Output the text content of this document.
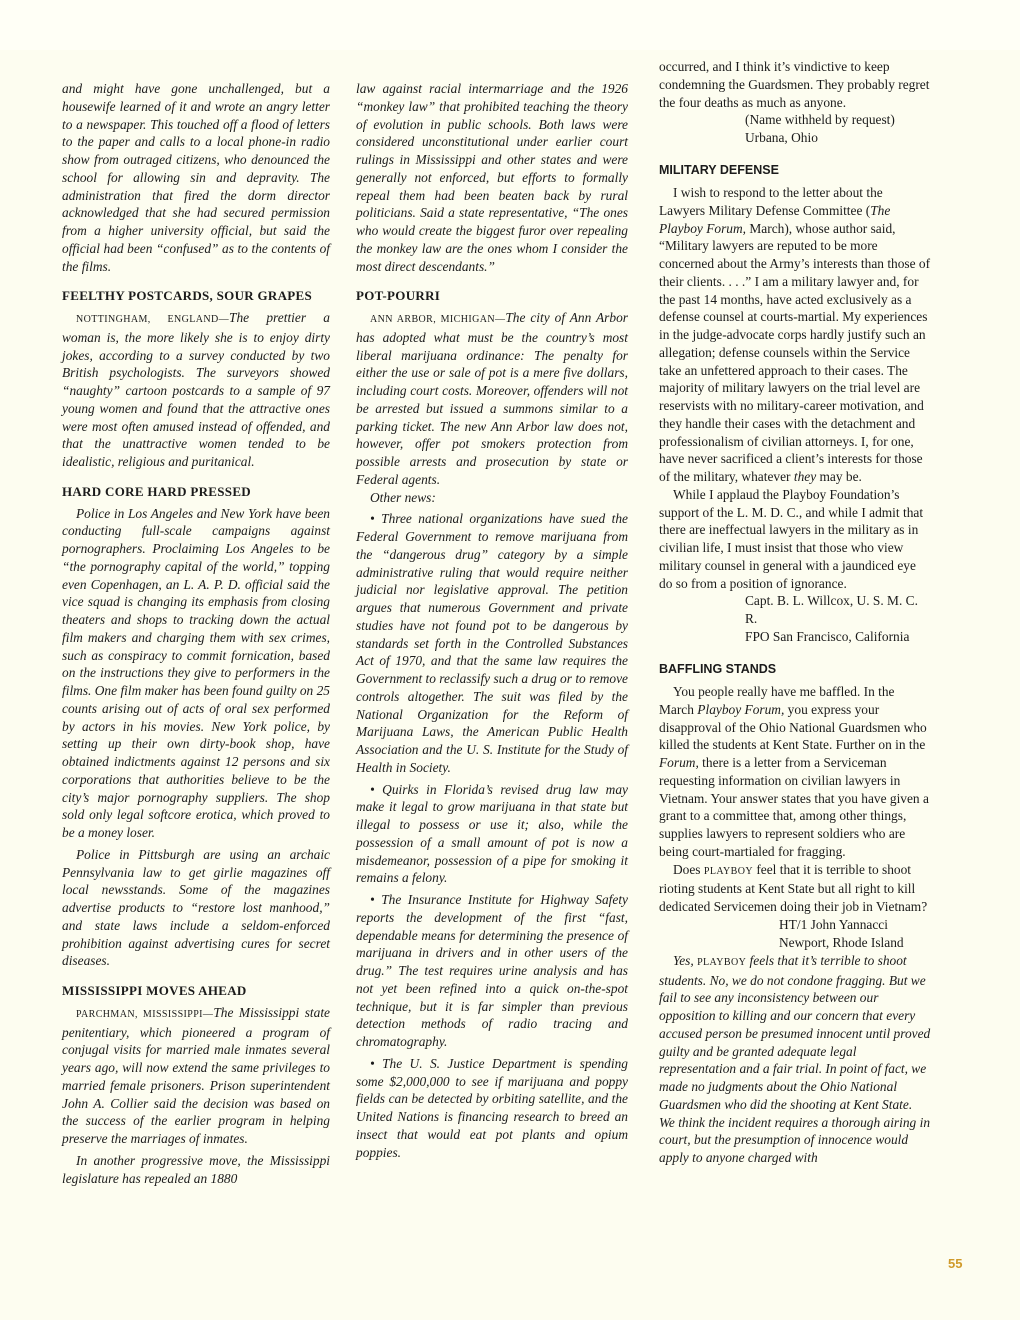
and might have gone unchallenged, but a housewife learned of it and wrote an angry letter to a newspaper. This touched off a flood of letters to the paper and calls to a local phone-in radio show from outraged citizens, who denounced the school for allowing sin and depravity. The administration that fired the dorm director acknowledged that she had secured permission from a higher university official, but said the official had been “confused” as to the contents of the films.

FEELTHY POSTCARDS, SOUR GRAPES

NOTTINGHAM, ENGLAND—The prettier a woman is, the more likely she is to enjoy dirty jokes, according to a survey conducted by two British psychologists. The surveyors showed “naughty” cartoon postcards to a sample of 97 young women and found that the attractive ones were most often amused instead of offended, and that the unattractive women tended to be idealistic, religious and puritanical.

HARD CORE HARD PRESSED

Police in Los Angeles and New York have been conducting full-scale campaigns against pornographers. Proclaiming Los Angeles to be “the pornography capital of the world,” topping even Copenhagen, an L. A. P. D. official said the vice squad is changing its emphasis from closing theaters and shops to tracking down the actual film makers and charging them with sex crimes, such as conspiracy to commit fornication, based on the instructions they give to performers in the films. One film maker has been found guilty on 25 counts arising out of acts of oral sex performed by actors in his movies. New York police, by setting up their own dirty-book shop, have obtained indictments against 12 persons and six corporations that authorities believe to be the city’s major pornography suppliers. The shop sold only legal softcore erotica, which proved to be a money loser.

Police in Pittsburgh are using an archaic Pennsylvania law to get girlie magazines off local newsstands. Some of the magazines advertise products to “restore lost manhood,” and state laws include a seldom-enforced prohibition against advertising cures for secret diseases.

MISSISSIPPI MOVES AHEAD

PARCHMAN, MISSISSIPPI—The Mississippi state penitentiary, which pioneered a program of conjugal visits for married male inmates several years ago, will now extend the same privileges to married female prisoners. Prison superintendent John A. Collier said the decision was based on the success of the earlier program in helping preserve the marriages of inmates.

In another progressive move, the Mississippi legislature has repealed an 1880

law against racial intermarriage and the 1926 “monkey law” that prohibited teaching the theory of evolution in public schools. Both laws were considered unconstitutional under earlier court rulings in Mississippi and other states and were generally not enforced, but efforts to formally repeal them had been beaten back by rural politicians. Said a state representative, “The ones who would create the biggest furor over repealing the monkey law are the ones whom I consider the most direct descendants.”

POT-POURRI

ANN ARBOR, MICHIGAN—The city of Ann Arbor has adopted what must be the country’s most liberal marijuana ordinance: The penalty for either the use or sale of pot is a mere five dollars, including court costs. Moreover, offenders will not be arrested but issued a summons similar to a parking ticket. The new Ann Arbor law does not, however, offer pot smokers protection from possible arrests and prosecution by state or Federal agents.

Other news:

• Three national organizations have sued the Federal Government to remove marijuana from the “dangerous drug” category by a simple administrative ruling that would require neither judicial nor legislative approval. The petition argues that numerous Government and private studies have not found pot to be dangerous by standards set forth in the Controlled Substances Act of 1970, and that the same law requires the Government to reclassify such a drug or to remove controls altogether. The suit was filed by the National Organization for the Reform of Marijuana Laws, the American Public Health Association and the U. S. Institute for the Study of Health in Society.

• Quirks in Florida’s revised drug law may make it legal to grow marijuana in that state but illegal to possess or use it; also, while the possession of a small amount of pot is now a misdemeanor, possession of a pipe for smoking it remains a felony.

• The Insurance Institute for Highway Safety reports the development of the first “fast, dependable means for determining the presence of marijuana in drivers and in other users of the drug.” The test requires urine analysis and has not yet been refined into a quick on-the-spot technique, but it is far simpler than previous detection methods of radio tracing and chromatography.

• The U. S. Justice Department is spending some $2,000,000 to see if marijuana and poppy fields can be detected by orbiting satellite, and the United Nations is financing research to breed an insect that would eat pot plants and opium poppies.

occurred, and I think it’s vindictive to keep condemning the Guardsmen. They probably regret the four deaths as much as anyone.

(Name withheld by request)
Urbana, Ohio
MILITARY DEFENSE

I wish to respond to the letter about the Lawyers Military Defense Committee (The Playboy Forum, March), whose author said, “Military lawyers are reputed to be more concerned about the Army’s interests than those of their clients. . . .” I am a military lawyer and, for the past 14 months, have acted exclusively as a defense counsel at courts-martial. My experiences in the judge-advocate corps hardly justify such an allegation; defense counsels within the Service take an unfettered approach to their cases. The majority of military lawyers on the trial level are reservists with no military-career motivation, and they handle their cases with the detachment and professionalism of civilian attorneys. I, for one, have never sacrificed a client’s interests for those of the military, whatever they may be.

While I applaud the Playboy Foundation’s support of the L. M. D. C., and while I admit that there are ineffectual lawyers in the military as in civilian life, I must insist that those who view military counsel in general with a jaundiced eye do so from a position of ignorance.

Capt. B. L. Willcox, U. S. M. C. R.
FPO San Francisco, California
BAFFLING STANDS

You people really have me baffled. In the March Playboy Forum, you express your disapproval of the Ohio National Guardsmen who killed the students at Kent State. Further on in the Forum, there is a letter from a Serviceman requesting information on civilian lawyers in Vietnam. Your answer states that you have given a grant to a committee that, among other things, supplies lawyers to represent soldiers who are being court-martialed for fragging.

Does PLAYBOY feel that it is terrible to shoot rioting students at Kent State but all right to kill dedicated Servicemen doing their job in Vietnam?

HT/1 John Yannacci
Newport, Rhode Island

Yes, PLAYBOY feels that it’s terrible to shoot students. No, we do not condone fragging. But we fail to see any inconsistency between our opposition to killing and our concern that every accused person be presumed innocent until proved guilty and be granted adequate legal representation and a fair trial. In point of fact, we made no judgments about the Ohio National Guardsmen who did the shooting at Kent State. We think the incident requires a thorough airing in court, but the presumption of innocence would apply to anyone charged with

55
